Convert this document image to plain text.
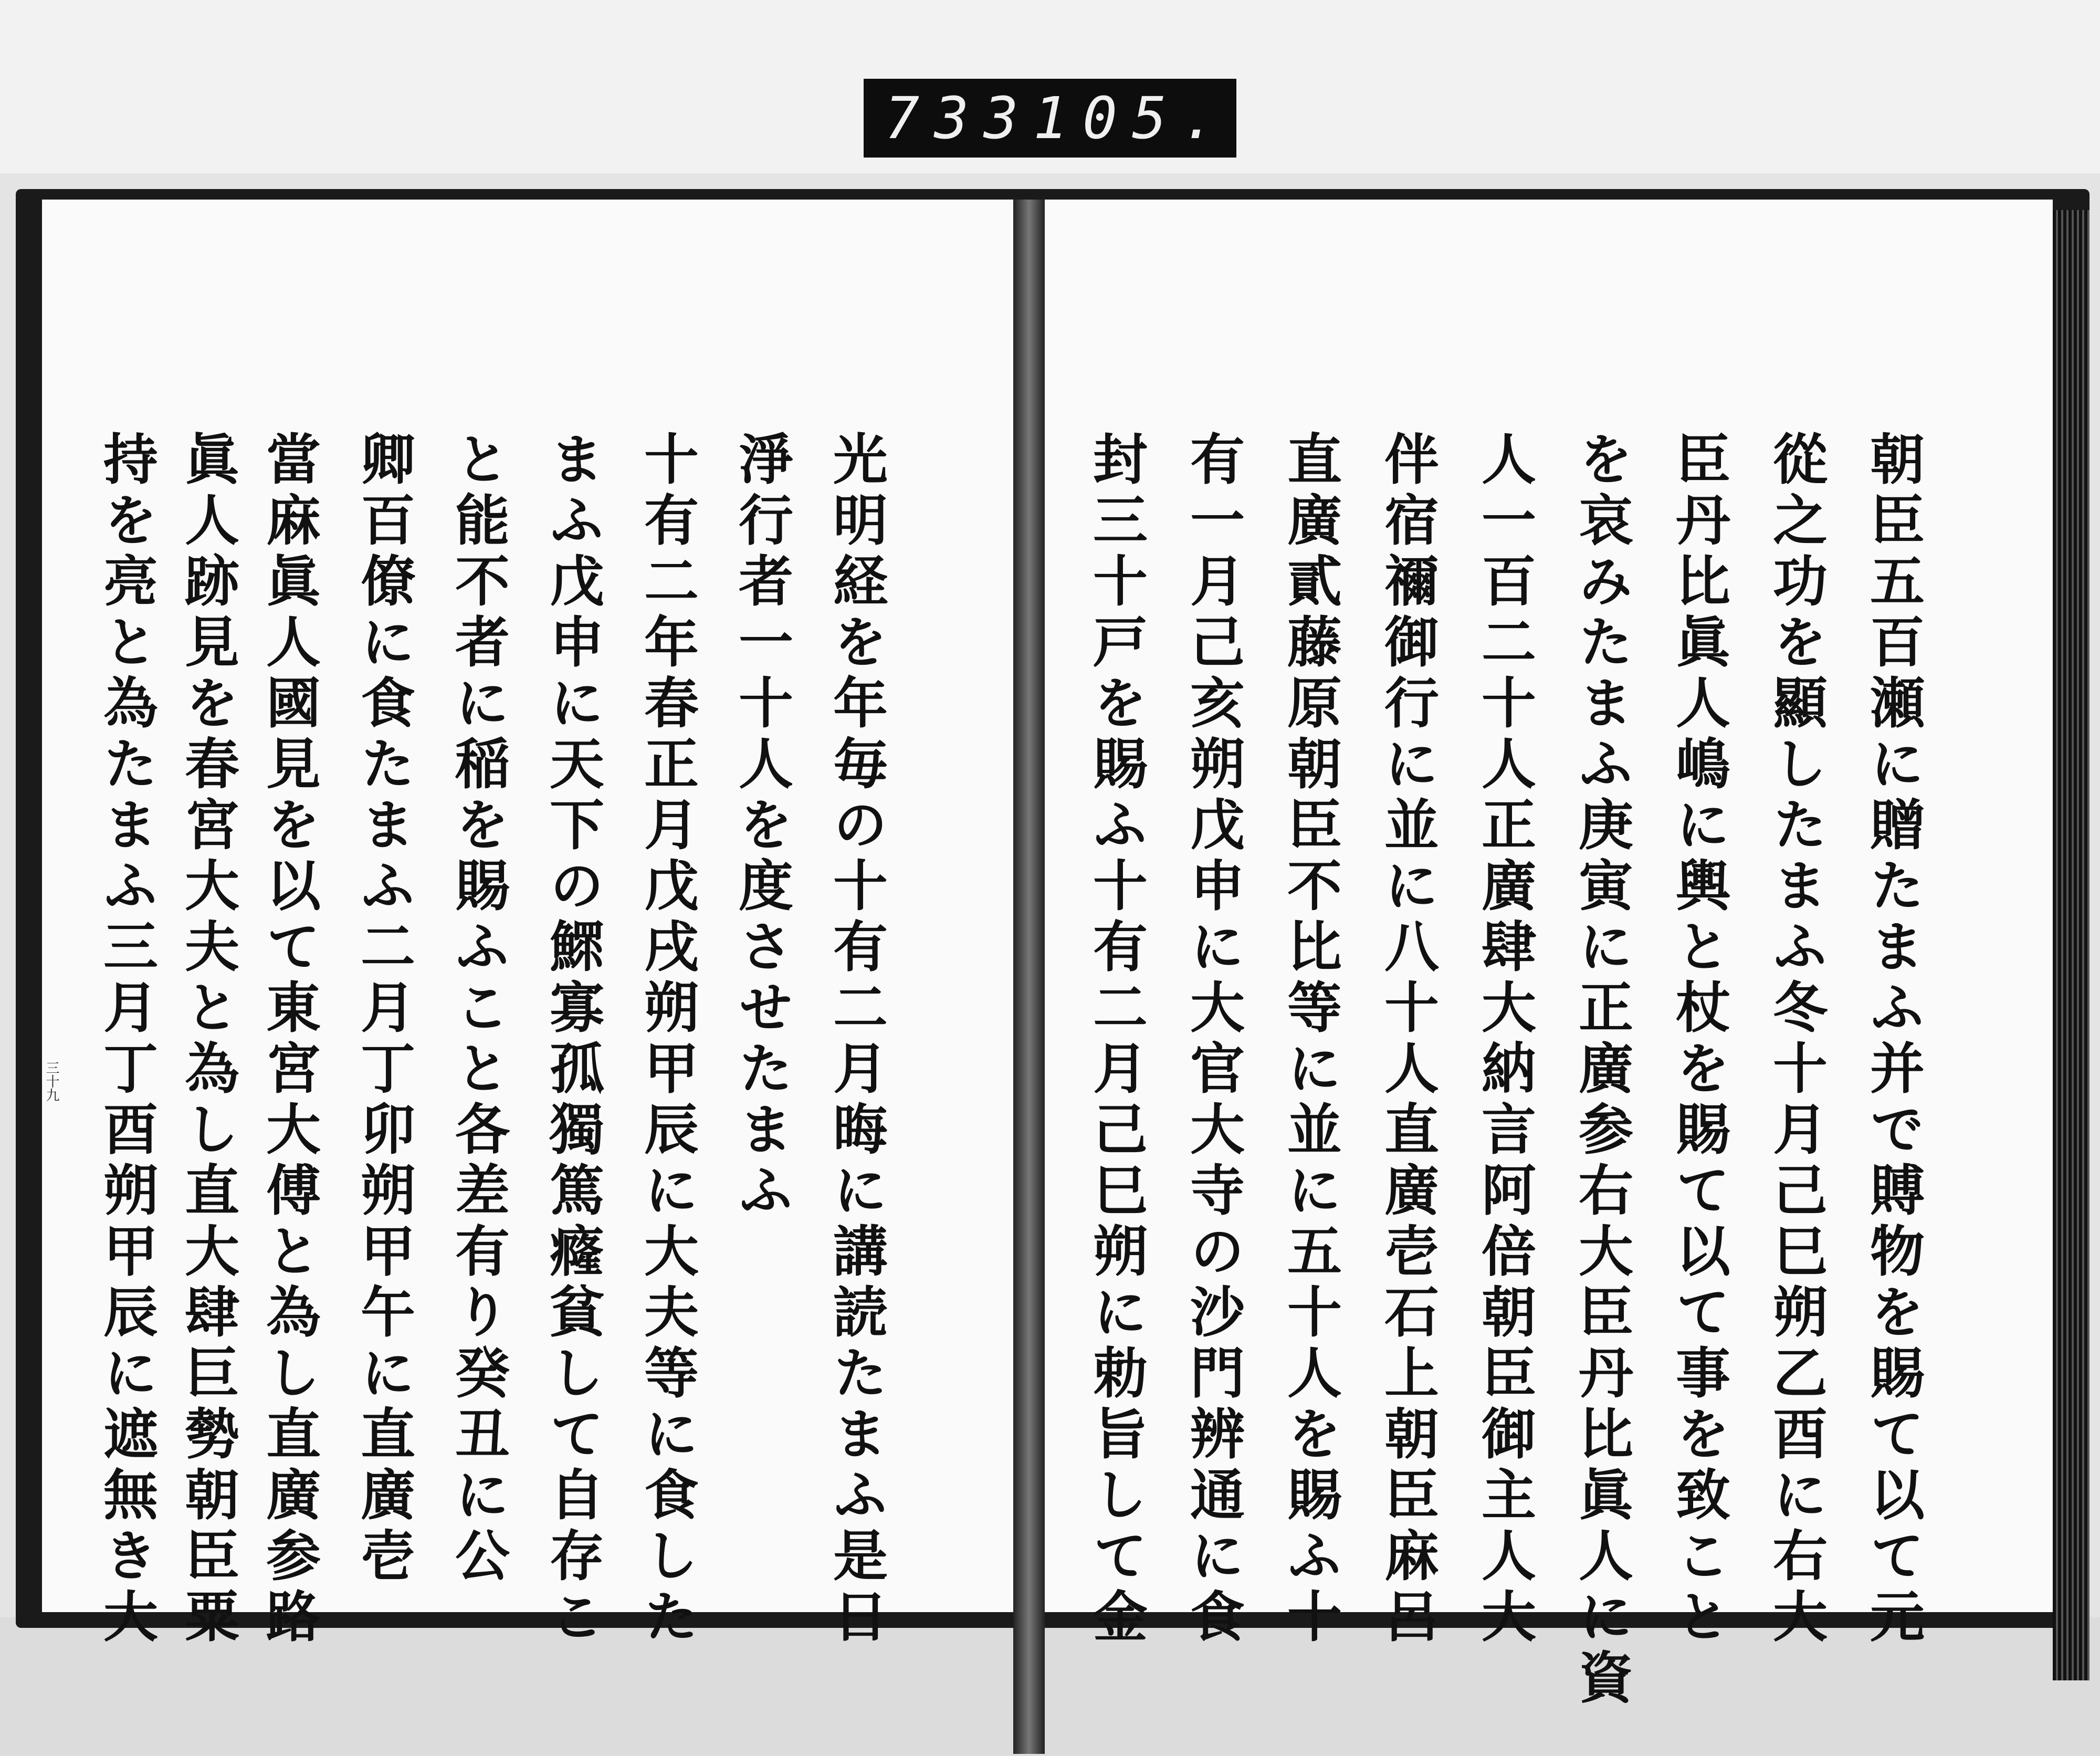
733 105.
朝臣五百瀬に贈たまふ并で賻物を賜て以て元
從之功を顯したまふ冬十月己巳朔乙酉に右大
臣丹比眞人嶋に輿と杖を賜て以て事を致こと
を哀みたまふ庚寅に正廣参右大臣丹比眞人に資
人一百二十人正廣肆大納言阿倍朝臣御主人大
伴宿禰御行に並に八十人直廣壱石上朝臣麻呂
直廣貳藤原朝臣不比等に並に五十人を賜ふ十
有一月己亥朔戊申に大官大寺の沙門辨通に食
封三十戸を賜ふ十有二月己巳朔に勅旨して金
光明経を年毎の十有二月晦に講読たまふ是日
淨行者一十人を度させたまふ
十有二年春正月戊戌朔甲辰に大夫等に食した
まふ戊申に天下の鰥寡孤獨篤癃貧して自存こ
と能不者に稲を賜ふこと各差有り癸丑に公
卿百僚に食たまふ二月丁卯朔甲午に直廣壱
當麻眞人國見を以て東宮大傅と為し直廣参路
眞人跡見を春宮大夫と為し直大肆巨勢朝臣粟
持を亮と為たまふ三月丁酉朔甲辰に遮無き大
三十九
